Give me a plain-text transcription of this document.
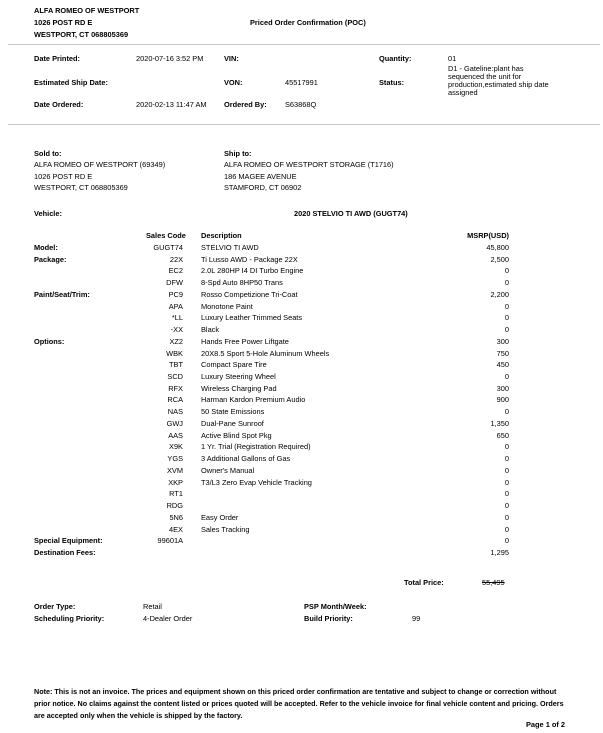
ALFA ROMEO OF WESTPORT
1026 POST RD E
WESTPORT, CT 068805369
Priced Order Confirmation (POC)
Date Printed:	2020-07-16 3:52 PM	VIN:	Quantity:	01
Estimated Ship Date:	VON:	45517991	Status:
D1 - Gateline:plant has
sequenced the unit for
production,estimated ship date
assigned
Date Ordered:	2020-02-13 11:47 AM Ordered By: S63868Q
Sold to:
ALFA ROMEO OF WESTPORT (69349)
1026 POST RD E
WESTPORT, CT 068805369
Ship to:
ALFA ROMEO OF WESTPORT STORAGE (T1716)
186 MAGEE AVENUE
STAMFORD, CT 06902
Vehicle:	2020 STELVIO TI AWD (GUGT74)
Sales Code Description	MSRP(USD)
Model:	GUGT74 STELVIO TI AWD	45,800
Package:	22X Ti Lusso AWD - Package 22X	2,500
EC2 2.0L 280HP I4 DI Turbo Engine	0
DFW 8-Spd Auto 8HP50 Trans	0
Paint/Seat/Trim:	PC9 Rosso Competizione Tri-Coat	2,200
APA Monotone Paint	0
*LL Luxury Leather Trimmed Seats	0
-XX Black	0
Options:	XZ2 Hands Free Power Liftgate	300
WBK 20X8.5 Sport 5-Hole Aluminum Wheels	750
TBT Compact Spare Tire	450
SCD Luxury Steering Wheel	0
RFX Wireless Charging Pad	300
RCA Harman Kardon Premium Audio	900
NAS 50 State Emissions	0
GWJ Dual-Pane Sunroof	1,350
AAS Active Blind Spot Pkg	650
X9K 1 Yr. Trial (Registration Required)	0
YGS 3 Additional Gallons of Gas	0
XVM Owner's Manual	0
XKP T3/L3 Zero Evap Vehicle Tracking	0
RT1	0
RDG	0
5N6 Easy Order	0
4EX Sales Tracking	0
Special Equipment:	99601A	0
Destination Fees:	1,295
Total Price:	55,495
Order Type:	Retail
Scheduling Priority:	4-Dealer Order
PSP Month/Week:
Build Priority:	99
Note: This is not an invoice. The prices and equipment shown on this priced order confirmation are tentative and subject to change or correction without prior notice. No claims against the content listed or prices quoted will be accepted. Refer to the vehicle invoice for final vehicle content and pricing. Orders are accepted only when the vehicle is shipped by the factory.
Page 1 of 2
